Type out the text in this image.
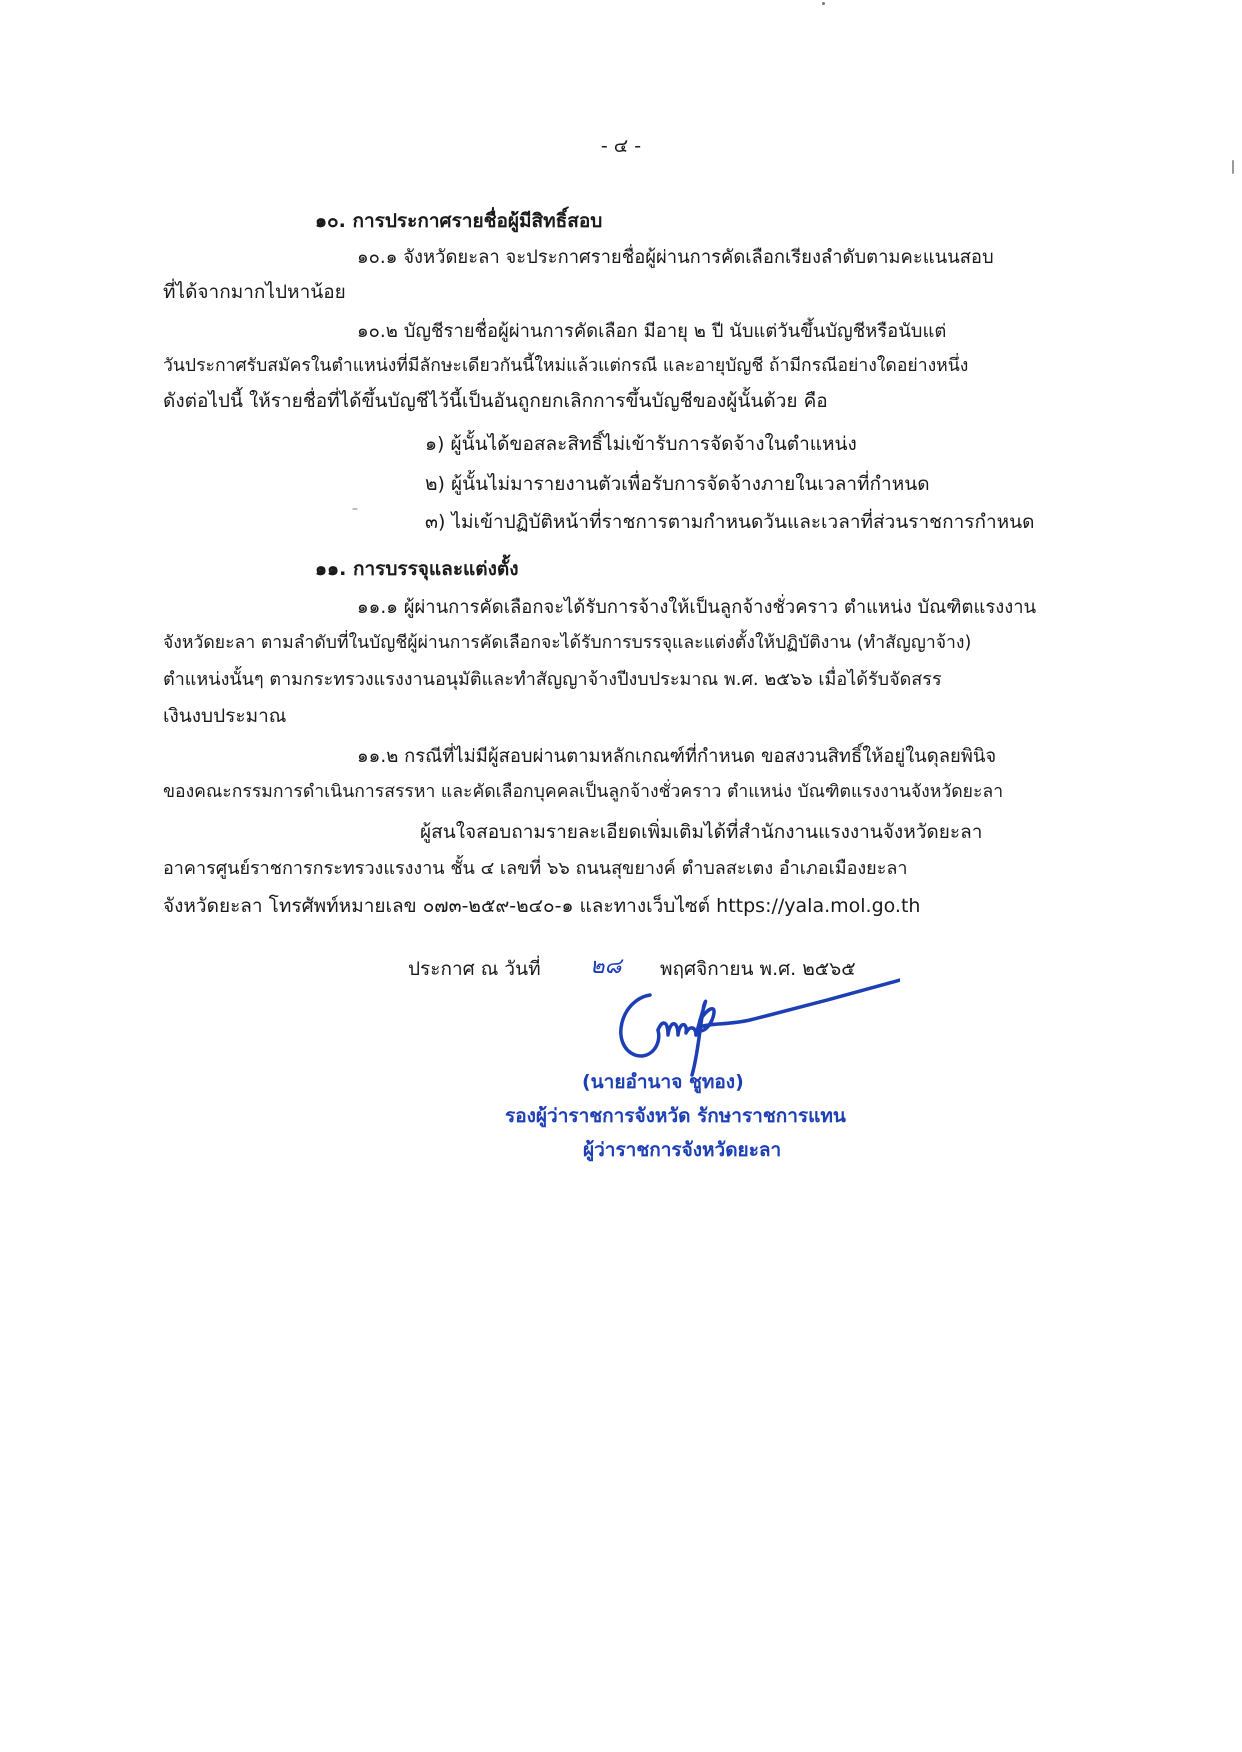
- ๔ -
๑๐. การประกาศรายชื่อผู้มีสิทธิ์สอบ
๑๐.๑ จังหวัดยะลา จะประกาศรายชื่อผู้ผ่านการคัดเลือกเรียงลำดับตามคะแนนสอบ
ที่ได้จากมากไปหาน้อย
๑๐.๒ บัญชีรายชื่อผู้ผ่านการคัดเลือก มีอายุ ๒ ปี นับแต่วันขึ้นบัญชีหรือนับแต่
วันประกาศรับสมัครในตำแหน่งที่มีลักษะเดียวกันนี้ใหม่แล้วแต่กรณี และอายุบัญชี ถ้ามีกรณีอย่างใดอย่างหนึ่ง
ดังต่อไปนี้ ให้รายชื่อที่ได้ขึ้นบัญชีไว้นี้เป็นอันถูกยกเลิกการขึ้นบัญชีของผู้นั้นด้วย คือ
๑) ผู้นั้นได้ขอสละสิทธิ์ไม่เข้ารับการจัดจ้างในตำแหน่ง
๒) ผู้นั้นไม่มารายงานตัวเพื่อรับการจัดจ้างภายในเวลาที่กำหนด
๓) ไม่เข้าปฏิบัติหน้าที่ราชการตามกำหนดวันและเวลาที่ส่วนราชการกำหนด
๑๑. การบรรจุและแต่งตั้ง
๑๑.๑ ผู้ผ่านการคัดเลือกจะได้รับการจ้างให้เป็นลูกจ้างชั่วคราว ตำแหน่ง บัณฑิตแรงงาน
จังหวัดยะลา ตามลำดับที่ในบัญชีผู้ผ่านการคัดเลือกจะได้รับการบรรจุและแต่งตั้งให้ปฏิบัติงาน (ทำสัญญาจ้าง)
ตำแหน่งนั้นๆ ตามกระทรวงแรงงานอนุมัติและทำสัญญาจ้างปีงบประมาณ พ.ศ. ๒๕๖๖ เมื่อได้รับจัดสรร
เงินงบประมาณ
๑๑.๒ กรณีที่ไม่มีผู้สอบผ่านตามหลักเกณฑ์ที่กำหนด ขอสงวนสิทธิ์ให้อยู่ในดุลยพินิจ
ของคณะกรรมการดำเนินการสรรหา และคัดเลือกบุคคลเป็นลูกจ้างชั่วคราว ตำแหน่ง บัณฑิตแรงงานจังหวัดยะลา
ผู้สนใจสอบถามรายละเอียดเพิ่มเติมได้ที่สำนักงานแรงงานจังหวัดยะลา
อาคารศูนย์ราชการกระทรวงแรงงาน ชั้น ๔ เลขที่ ๖๖ ถนนสุขยางค์ ตำบลสะเตง อำเภอเมืองยะลา
จังหวัดยะลา โทรศัพท์หมายเลข ๐๗๓-๒๕๙-๒๔๐-๑ และทางเว็บไซต์ https://yala.mol.go.th
ประกาศ ณ วันที่ ๒๘ พฤศจิกายน พ.ศ. ๒๕๖๕
(นายอำนาจ ชูทอง)
รองผู้ว่าราชการจังหวัด รักษาราชการแทน
ผู้ว่าราชการจังหวัดยะลา
